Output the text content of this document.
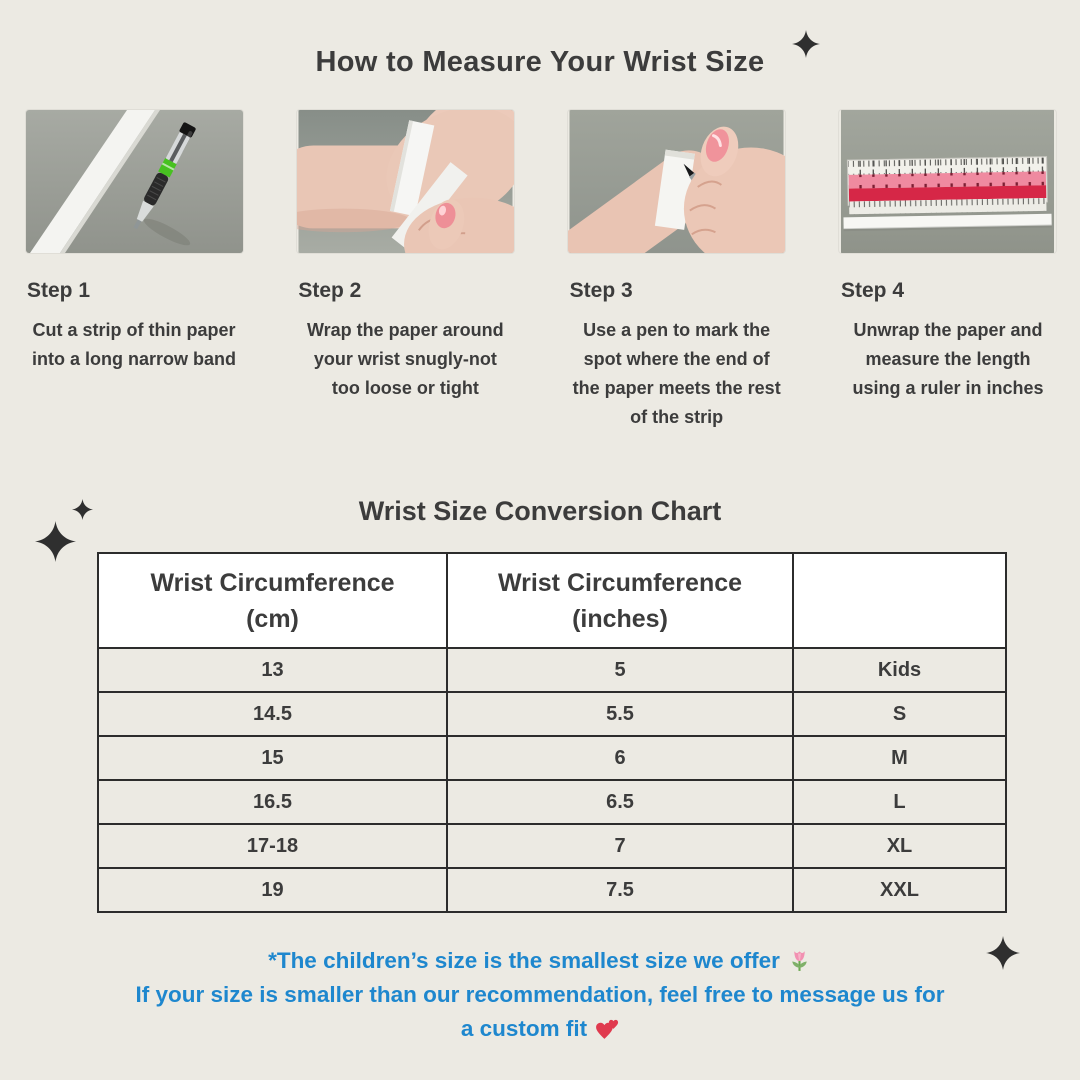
How to Measure Your Wrist Size
Step 1

Cut a strip of thin paper into a long narrow band

Step 2

Wrap the paper around your wrist snugly-not too loose or tight

Step 3

Use a pen to mark the spot where the end of the paper meets the rest of the strip

Step 4

Unwrap the paper and measure the length using a ruler in inches

Wrist Size Conversion Chart
Wrist Circumference
(cm)

Wrist Circumference
(inches)

13	5	Kids
14.5	5.5	S
15	6	M
16.5	6.5	L
17-18	7	XL
19	7.5	XXL

*The children’s size is the smallest size we offer

If your size is smaller than our recommendation, feel free to message us for

a custom fit
